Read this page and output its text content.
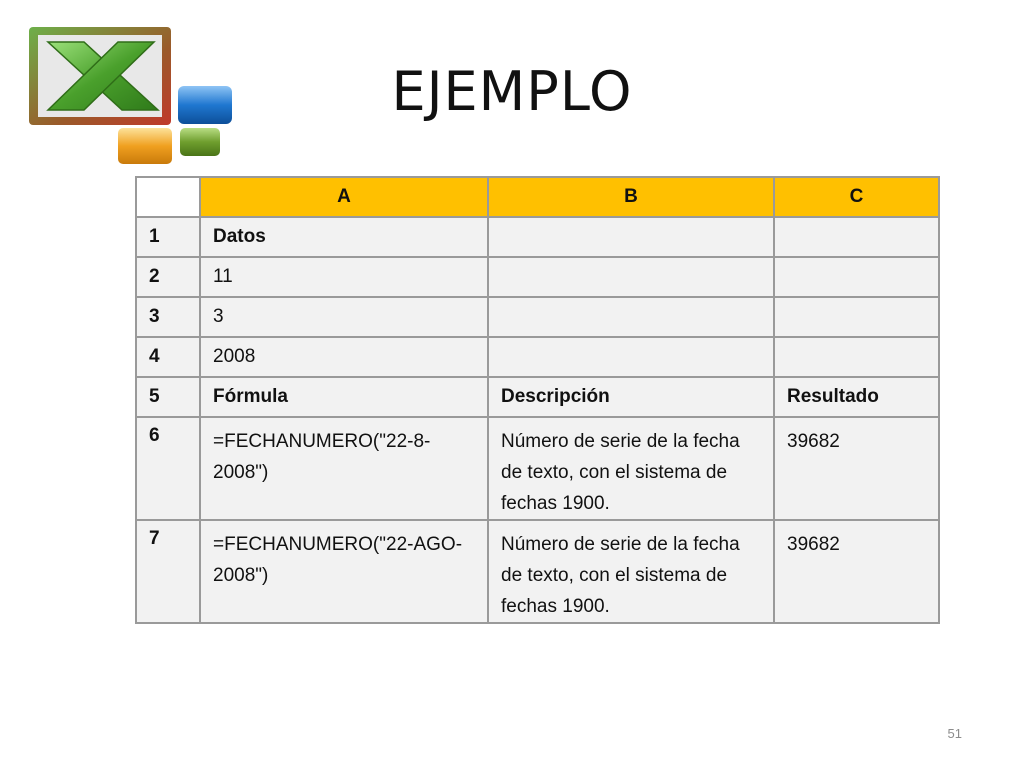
EJEMPLO
	A	B	C
1	Datos		
2	11		
3	3		
4	2008		
5	Fórmula	Descripción	Resultado
6	=FECHANUMERO("22-8-2008")	Número de serie de la fecha de texto, con el sistema de fechas 1900.	39682
7	=FECHANUMERO("22-AGO-2008")	Número de serie de la fecha de texto, con el sistema de fechas 1900.	39682
51
